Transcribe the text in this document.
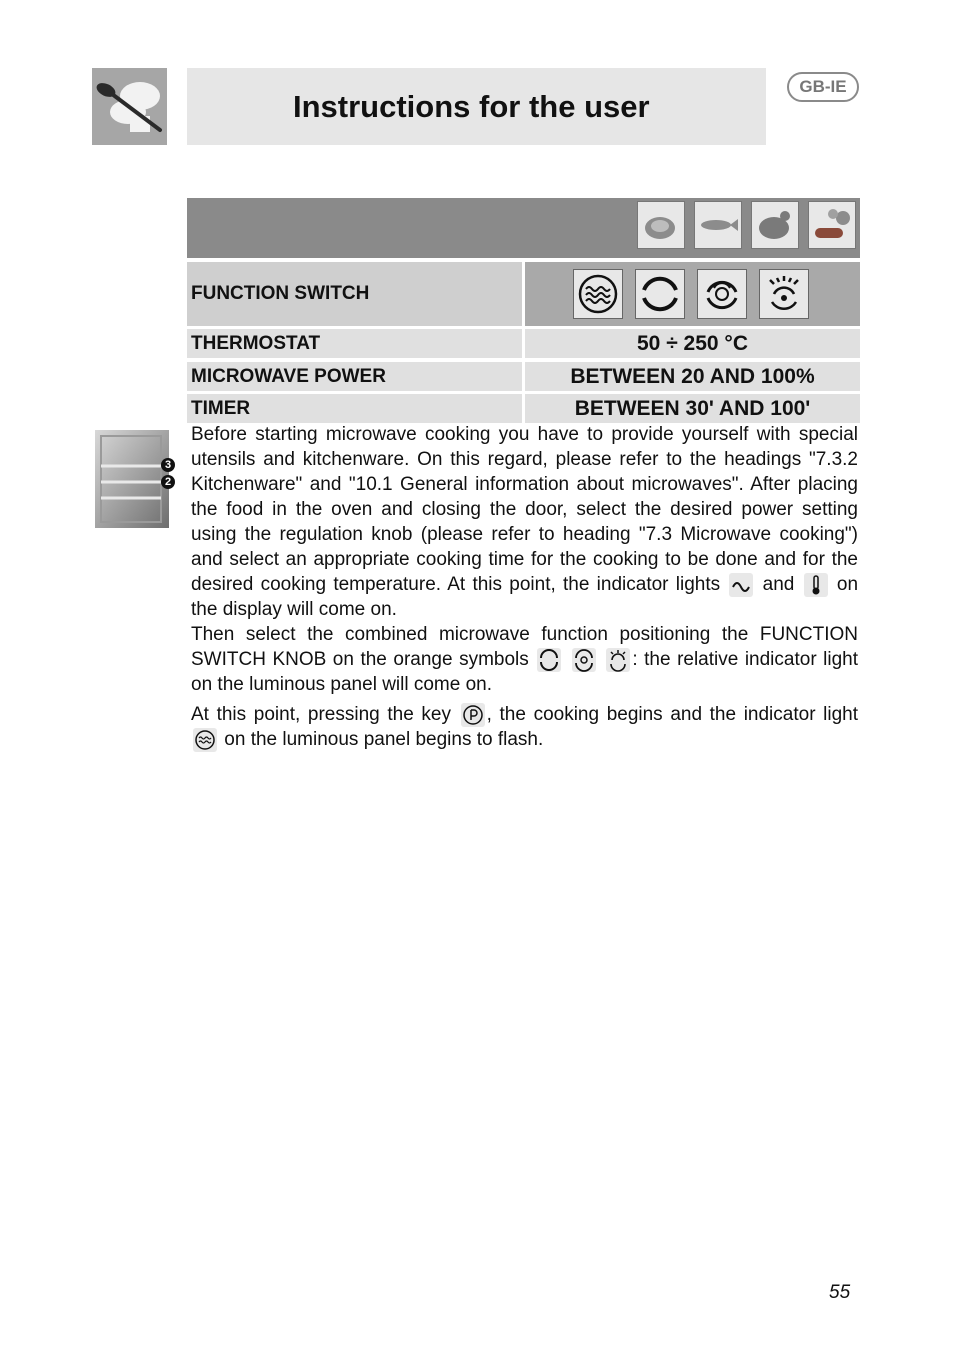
Instructions for the user
GB-IE
FUNCTION SWITCH
THERMOSTAT	50 ÷ 250 °C
MICROWAVE POWER	BETWEEN 20 AND 100%
TIMER	BETWEEN 30' AND 100'
3
2

Before starting microwave cooking you have to provide yourself with special utensils and kitchenware. On this regard, please refer to the headings "7.3.2 Kitchenware" and "10.1 General information about microwaves". After placing the food in the oven and closing the door, select the desired power setting using the regulation knob (please refer to heading "7.3 Microwave cooking") and select an appropriate cooking time for the cooking to be done and for the desired cooking temperature. At this point, the indicator lights and on the display will come on.

Then select the combined microwave function positioning the FUNCTION SWITCH KNOB on the orange symbols

	: the relative indicator light on the luminous panel will come on.

At this point, pressing the key , the cooking begins and the indicator light
on the luminous panel begins to flash.

55
